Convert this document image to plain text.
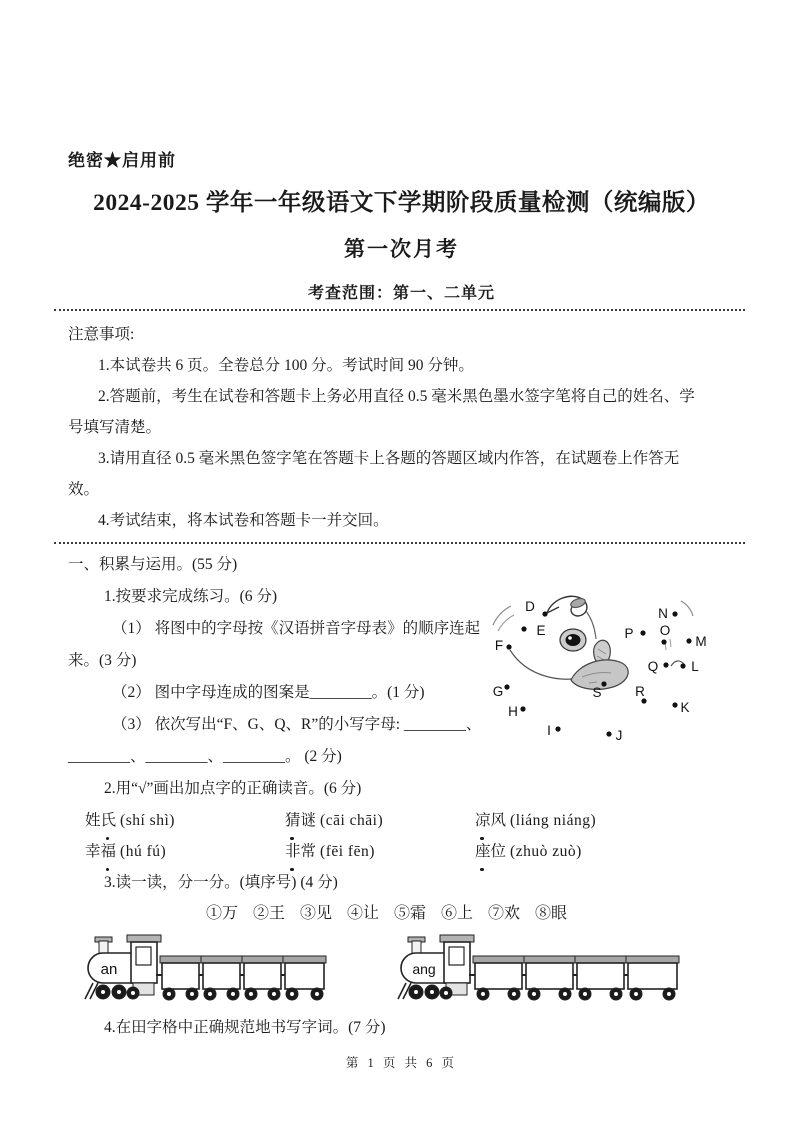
绝密★启用前
2024-2025 学年一年级语文下学期阶段质量检测（统编版）
第一次月考
考查范围：第一、二单元
注意事项:
1.本试卷共 6 页。全卷总分 100 分。考试时间 90 分钟。
2.答题前，考生在试卷和答题卡上务必用直径 0.5 毫米黑色墨水签字笔将自己的姓名、学
号填写清楚。
3.请用直径 0.5 毫米黑色签字笔在答题卡上各题的答题区域内作答，在试题卷上作答无
效。
4.考试结束，将本试卷和答题卡一并交回。
一、积累与运用。(55 分)
1.按要求完成练习。(6 分)
（1） 将图中的字母按《汉语拼音字母表》的顺序连起
来。(3 分)
（2） 图中字母连成的图案是________。(1 分)
（3） 依次写出“F、G、Q、R”的小写字母: ________、
________、________、________。 (2 分)
2.用“√”画出加点字的正确读音。(6 分)
姓氏 (shí shì)	猜谜 (cāi chāi)	凉风 (liáng niáng)
幸福 (hú fú)	非常 (fēi fēn)	座位 (zhuò zuò)
3.读一读，分一分。(填序号) (4 分)
①万 ②王 ③见 ④让 ⑤霜 ⑥上 ⑦欢 ⑧眼
an	ang
4.在田字格中正确规范地书写字词。(7 分)
第 1 页 共 6 页
D
E
F
G
H
I	J
K
L
M
N
O
P
Q
R
S
